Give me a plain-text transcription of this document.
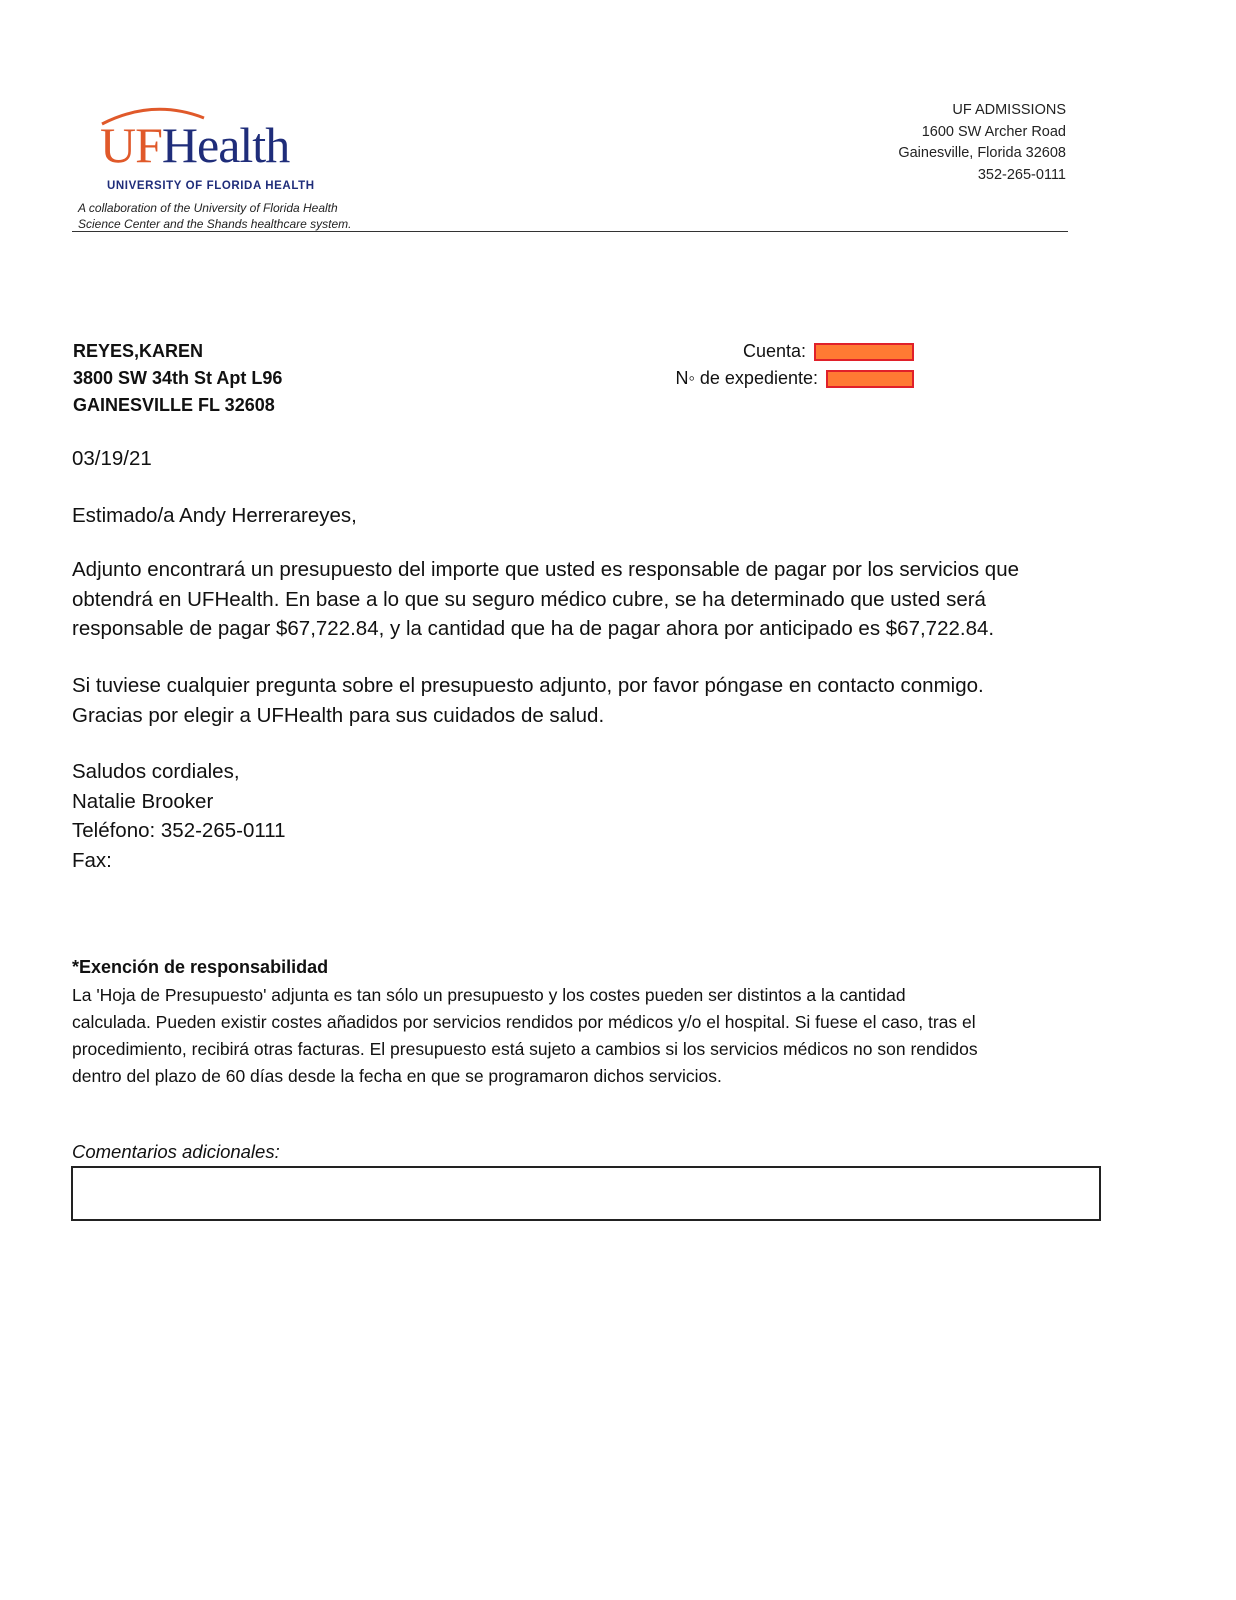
UFHealth
UNIVERSITY OF FLORIDA HEALTH
A collaboration of the University of Florida Health
Science Center and the Shands healthcare system.
UF ADMISSIONS
1600 SW Archer Road
Gainesville, Florida 32608
352-265-0111
REYES,KAREN
3800 SW 34th St Apt L96
GAINESVILLE FL 32608
Cuenta:
N◦ de expediente:
03/19/21
Estimado/a Andy Herrerareyes,
Adjunto encontrará un presupuesto del importe que usted es responsable de pagar por los servicios que
obtendrá en UFHealth. En base a lo que su seguro médico cubre, se ha determinado que usted será
responsable de pagar $67,722.84, y la cantidad que ha de pagar ahora por anticipado es $67,722.84.
Si tuviese cualquier pregunta sobre el presupuesto adjunto, por favor póngase en contacto conmigo.
Gracias por elegir a UFHealth para sus cuidados de salud.
Saludos cordiales,
Natalie Brooker
Teléfono: 352-265-0111
Fax:
*Exención de responsabilidad
La 'Hoja de Presupuesto' adjunta es tan sólo un presupuesto y los costes pueden ser distintos a la cantidad
calculada. Pueden existir costes añadidos por servicios rendidos por médicos y/o el hospital. Si fuese el caso, tras el
procedimiento, recibirá otras facturas. El presupuesto está sujeto a cambios si los servicios médicos no son rendidos
dentro del plazo de 60 días desde la fecha en que se programaron dichos servicios.
Comentarios adicionales:
